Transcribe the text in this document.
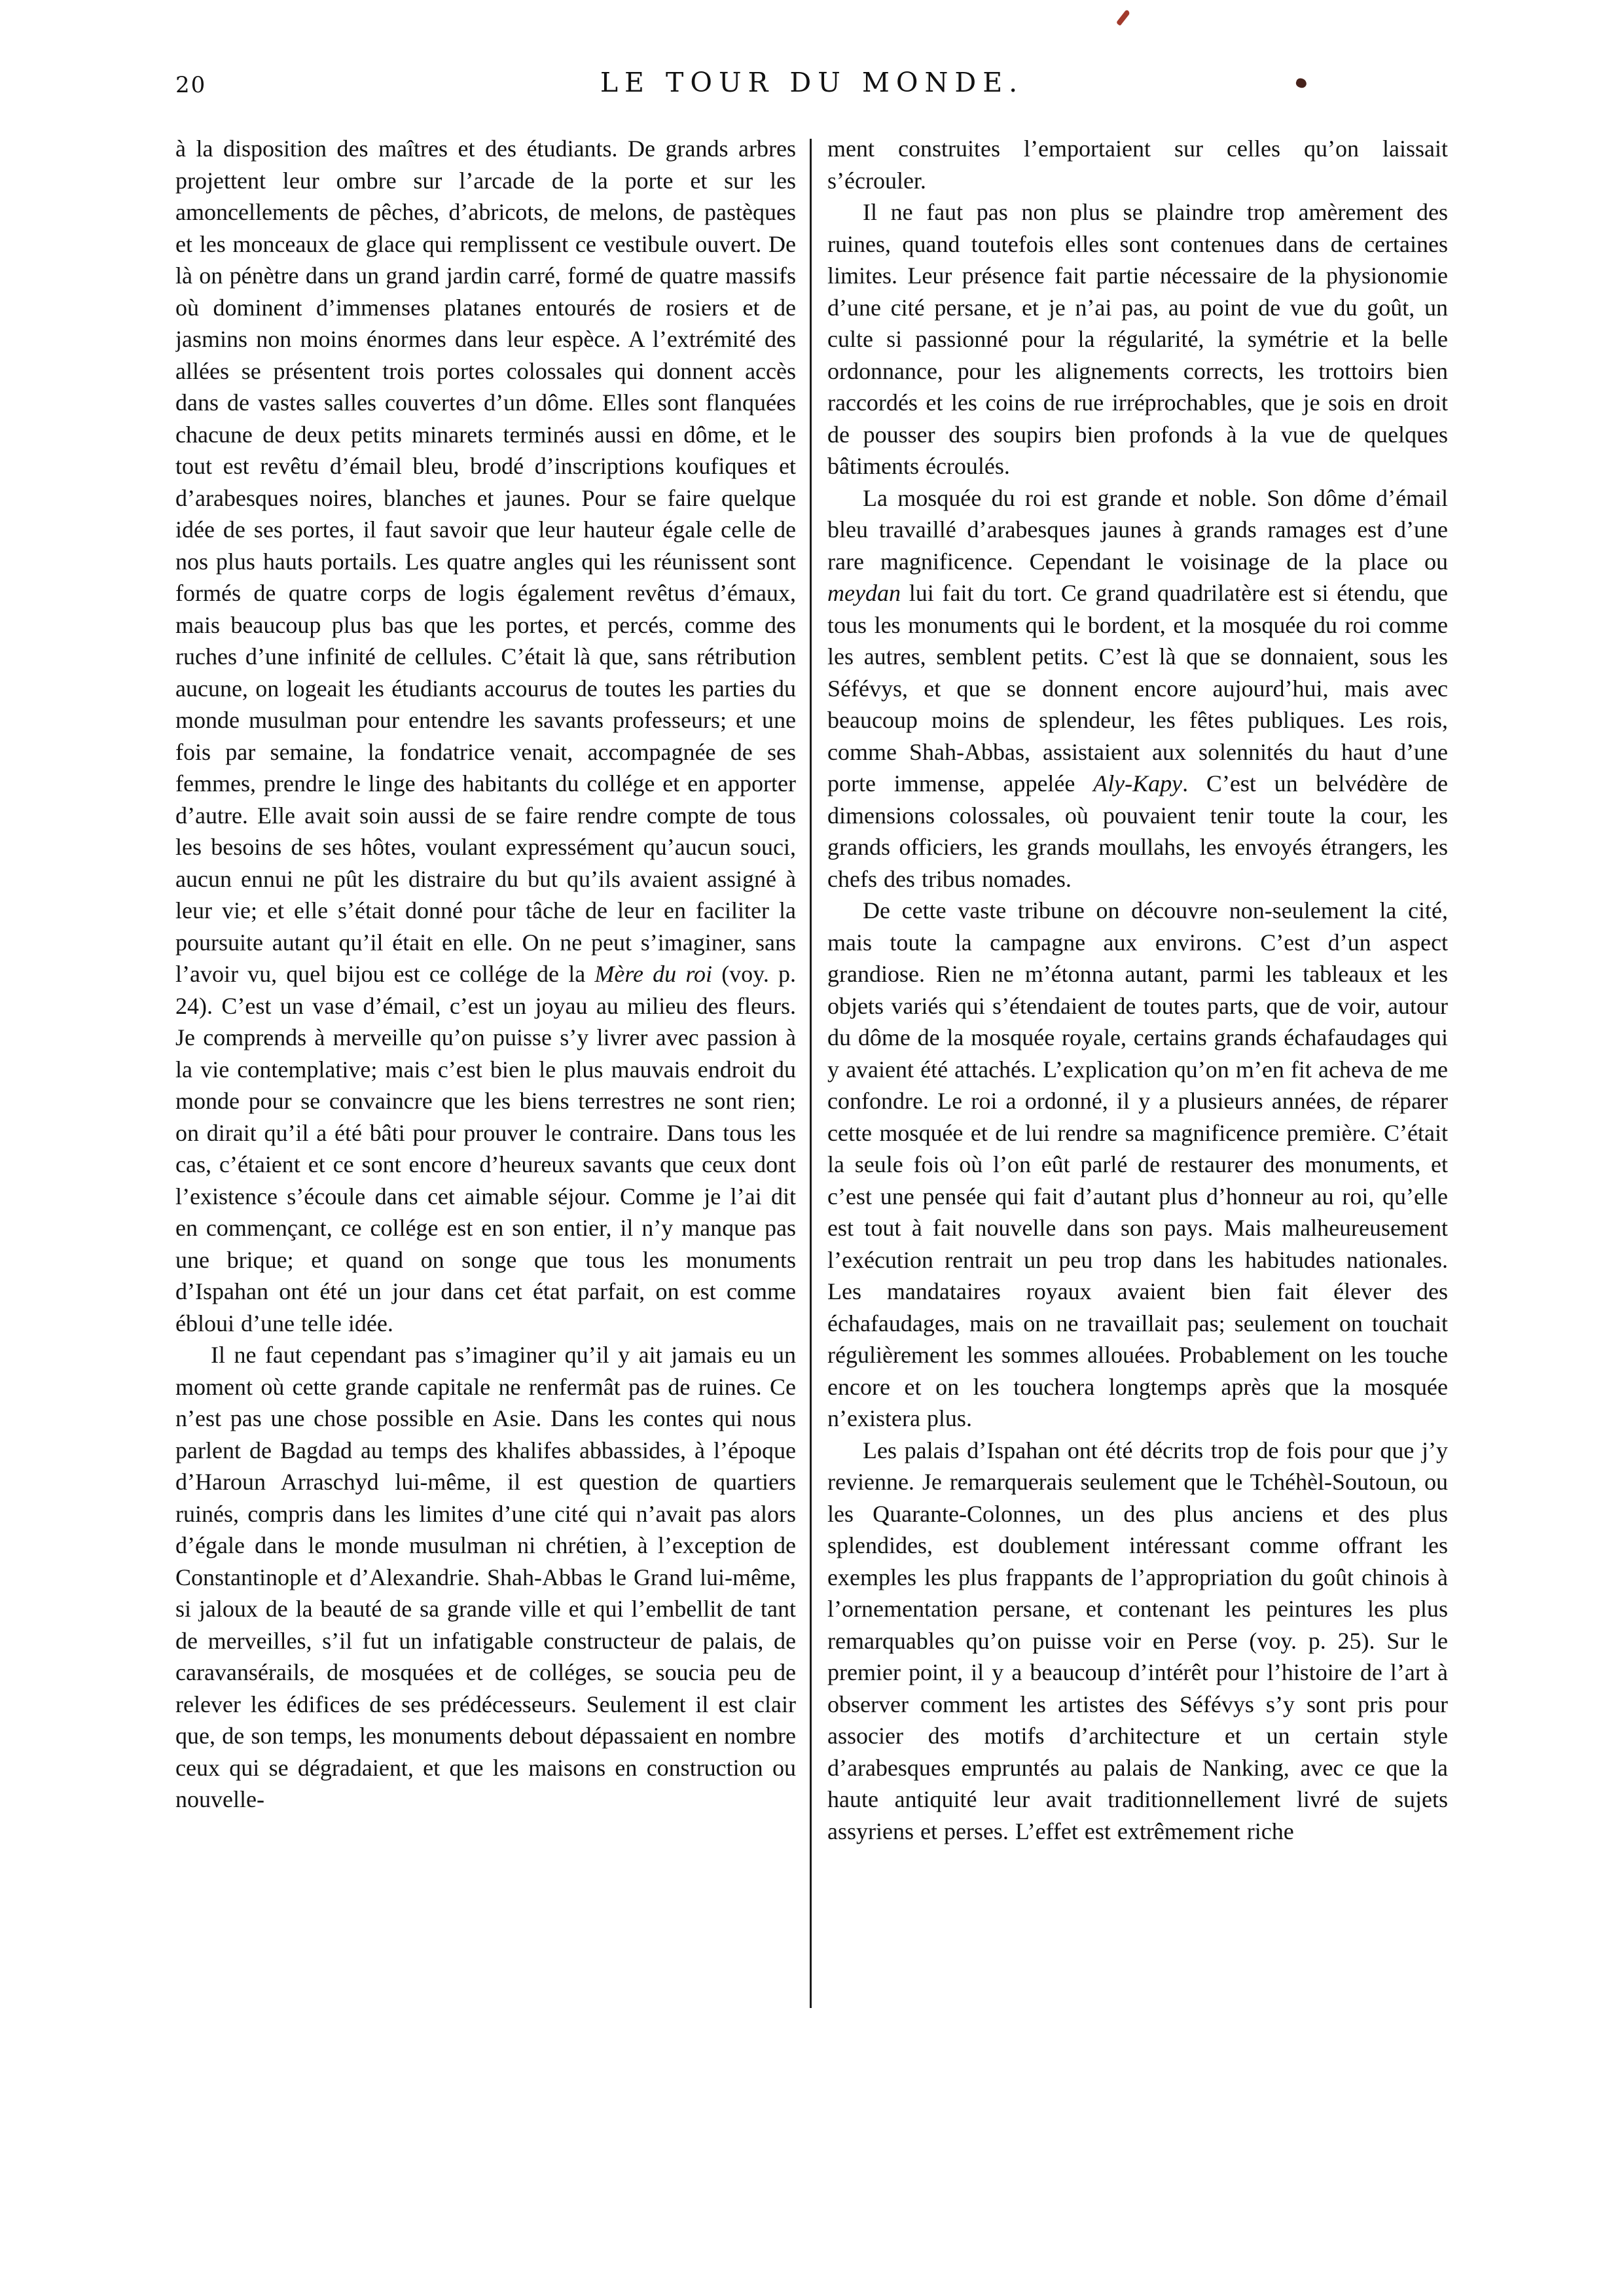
20	LE TOUR DU MONDE.

à la disposition des maîtres et des étudiants. De grands arbres projettent leur ombre sur l’arcade de la porte et sur les amoncellements de pêches, d’abricots, de melons, de pastèques et les monceaux de glace qui remplissent ce vestibule ouvert. De là on pénètre dans un grand jardin carré, formé de quatre massifs où dominent d’immenses platanes entourés de rosiers et de jasmins non moins énormes dans leur espèce. A l’extrémité des allées se présentent trois portes colossales qui donnent accès dans de vastes salles couvertes d’un dôme. Elles sont flanquées chacune de deux petits minarets terminés aussi en dôme, et le tout est revêtu d’émail bleu, brodé d’inscriptions koufiques et d’arabesques noires, blanches et jaunes. Pour se faire quelque idée de ses portes, il faut savoir que leur hauteur égale celle de nos plus hauts portails. Les quatre angles qui les réunissent sont formés de quatre corps de logis également revêtus d’émaux, mais beaucoup plus bas que les portes, et percés, comme des ruches d’une infinité de cellules. C’était là que, sans rétribution aucune, on logeait les étudiants accourus de toutes les parties du monde musulman pour entendre les savants professeurs; et une fois par semaine, la fondatrice venait, accompagnée de ses femmes, prendre le linge des habitants du collége et en apporter d’autre. Elle avait soin aussi de se faire rendre compte de tous les besoins de ses hôtes, voulant expressément qu’aucun souci, aucun ennui ne pût les distraire du but qu’ils avaient assigné à leur vie; et elle s’était donné pour tâche de leur en faciliter la poursuite autant qu’il était en elle. On ne peut s’imaginer, sans l’avoir vu, quel bijou est ce collége de la Mère du roi (voy. p. 24). C’est un vase d’émail, c’est un joyau au milieu des fleurs. Je comprends à merveille qu’on puisse s’y livrer avec passion à la vie contemplative; mais c’est bien le plus mauvais endroit du monde pour se convaincre que les biens terrestres ne sont rien; on dirait qu’il a été bâti pour prouver le contraire. Dans tous les cas, c’étaient et ce sont encore d’heureux savants que ceux dont l’existence s’écoule dans cet aimable séjour. Comme je l’ai dit en commençant, ce collége est en son entier, il n’y manque pas une brique; et quand on songe que tous les monuments d’Ispahan ont été un jour dans cet état parfait, on est comme ébloui d’une telle idée.

Il ne faut cependant pas s’imaginer qu’il y ait jamais eu un moment où cette grande capitale ne renfermât pas de ruines. Ce n’est pas une chose possible en Asie. Dans les contes qui nous parlent de Bagdad au temps des khalifes abbassides, à l’époque d’Haroun Arraschyd lui-même, il est question de quartiers ruinés, compris dans les limites d’une cité qui n’avait pas alors d’égale dans le monde musulman ni chrétien, à l’exception de Constantinople et d’Alexandrie. Shah-Abbas le Grand lui-même, si jaloux de la beauté de sa grande ville et qui l’embellit de tant de merveilles, s’il fut un infatigable constructeur de palais, de caravansérails, de mosquées et de colléges, se soucia peu de relever les édifices de ses prédécesseurs. Seulement il est clair que, de son temps, les monuments debout dépassaient en nombre ceux qui se dégradaient, et que les maisons en construction ou nouvelle-

ment construites l’emportaient sur celles qu’on laissait s’écrouler.

Il ne faut pas non plus se plaindre trop amèrement des ruines, quand toutefois elles sont contenues dans de certaines limites. Leur présence fait partie nécessaire de la physionomie d’une cité persane, et je n’ai pas, au point de vue du goût, un culte si passionné pour la régularité, la symétrie et la belle ordonnance, pour les alignements corrects, les trottoirs bien raccordés et les coins de rue irréprochables, que je sois en droit de pousser des soupirs bien profonds à la vue de quelques bâtiments écroulés.

La mosquée du roi est grande et noble. Son dôme d’émail bleu travaillé d’arabesques jaunes à grands ramages est d’une rare magnificence. Cependant le voisinage de la place ou meydan lui fait du tort. Ce grand quadrilatère est si étendu, que tous les monuments qui le bordent, et la mosquée du roi comme les autres, semblent petits. C’est là que se donnaient, sous les Séfévys, et que se donnent encore aujourd’hui, mais avec beaucoup moins de splendeur, les fêtes publiques. Les rois, comme Shah-Abbas, assistaient aux solennités du haut d’une porte immense, appelée Aly-Kapy. C’est un belvédère de dimensions colossales, où pouvaient tenir toute la cour, les grands officiers, les grands moullahs, les envoyés étrangers, les chefs des tribus nomades.

De cette vaste tribune on découvre non-seulement la cité, mais toute la campagne aux environs. C’est d’un aspect grandiose. Rien ne m’étonna autant, parmi les tableaux et les objets variés qui s’étendaient de toutes parts, que de voir, autour du dôme de la mosquée royale, certains grands échafaudages qui y avaient été attachés. L’explication qu’on m’en fit acheva de me confondre. Le roi a ordonné, il y a plusieurs années, de réparer cette mosquée et de lui rendre sa magnificence première. C’était la seule fois où l’on eût parlé de restaurer des monuments, et c’est une pensée qui fait d’autant plus d’honneur au roi, qu’elle est tout à fait nouvelle dans son pays. Mais malheureusement l’exécution rentrait un peu trop dans les habitudes nationales. Les mandataires royaux avaient bien fait élever des échafaudages, mais on ne travaillait pas; seulement on touchait régulièrement les sommes allouées. Probablement on les touche encore et on les touchera longtemps après que la mosquée n’existera plus.

Les palais d’Ispahan ont été décrits trop de fois pour que j’y revienne. Je remarquerais seulement que le Tchéhèl-Soutoun, ou les Quarante-Colonnes, un des plus anciens et des plus splendides, est doublement intéressant comme offrant les exemples les plus frappants de l’appropriation du goût chinois à l’ornementation persane, et contenant les peintures les plus remarquables qu’on puisse voir en Perse (voy. p. 25). Sur le premier point, il y a beaucoup d’intérêt pour l’histoire de l’art à observer comment les artistes des Séfévys s’y sont pris pour associer des motifs d’architecture et un certain style d’arabesques empruntés au palais de Nanking, avec ce que la haute antiquité leur avait traditionnellement livré de sujets assyriens et perses. L’effet est extrêmement riche
